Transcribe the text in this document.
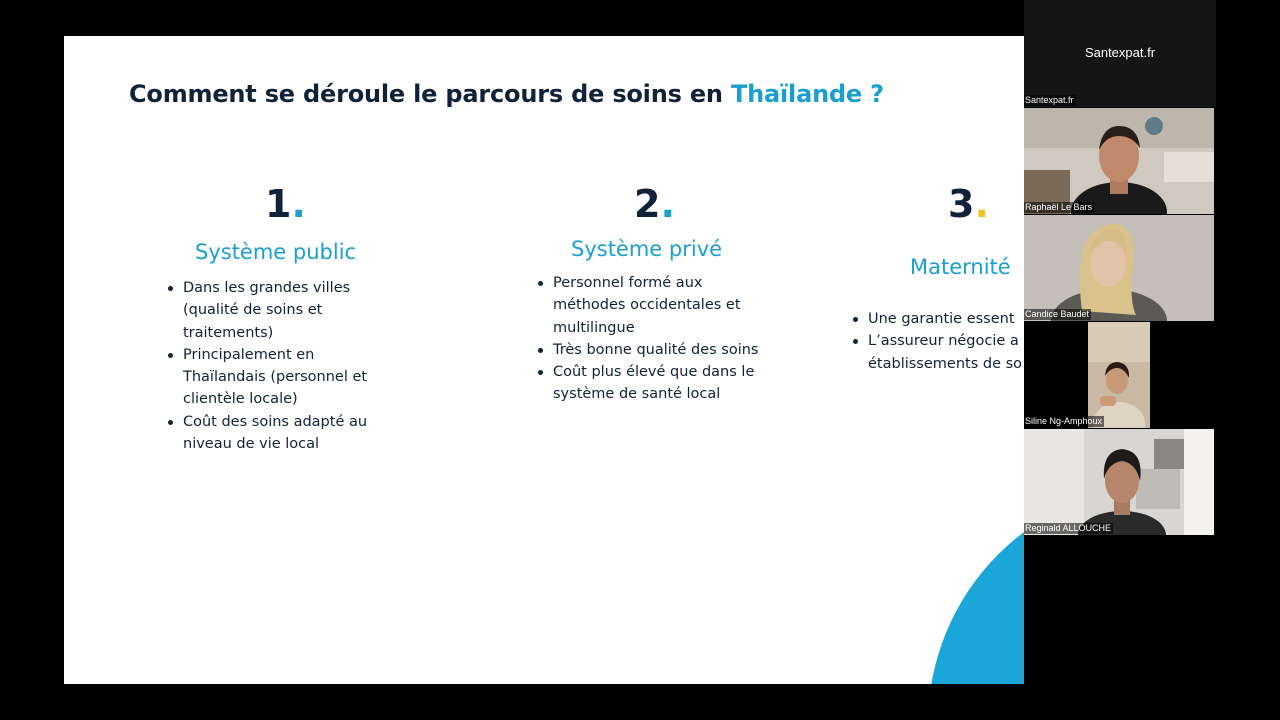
Comment se déroule le parcours de soins en Thaïlande ?
1.
Système public
Dans les grandes villes
(qualité de soins et
traitements)
Principalement en
Thaïlandais (personnel et
clientèle locale)
Coût des soins adapté au
niveau de vie local
2.
Système privé
Personnel formé aux
méthodes occidentales et
multilingue
Très bonne qualité des soins
Coût plus élevé que dans le
système de santé local
3.
Maternité
Une garantie essent
L’assureur négocie a
établissements de so
Santexpat.fr
Santexpat.fr
Raphaël Le Bars
Candice Baudet
Siline Ng-Amphoux
Reginald ALLOUCHE
